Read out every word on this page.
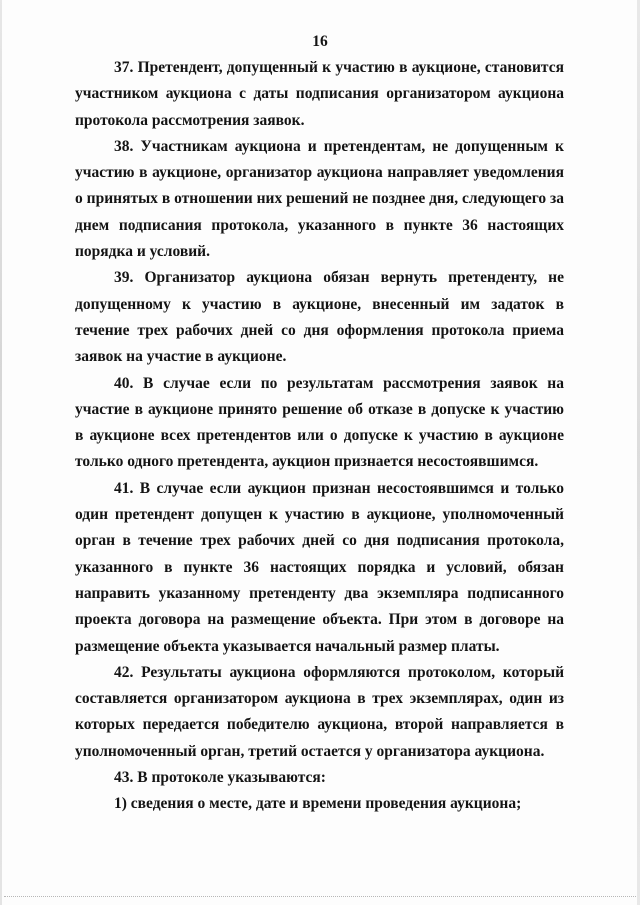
16

37. Претендент, допущенный к участию в аукционе, становится участником аукциона с даты подписания организатором аукциона протокола рассмотрения заявок.

38. Участникам аукциона и претендентам, не допущенным к участию в аукционе, организатор аукциона направляет уведомления о принятых в отношении них решений не позднее дня, следующего за днем подписания протокола, указанного в пункте 36 настоящих порядка и условий.

39. Организатор аукциона обязан вернуть претенденту, не допущенному к участию в аукционе, внесенный им задаток в течение трех рабочих дней со дня оформления протокола приема заявок на участие в аукционе.

40. В случае если по результатам рассмотрения заявок на участие в аукционе принято решение об отказе в допуске к участию в аукционе всех претендентов или о допуске к участию в аукционе только одного претендента, аукцион признается несостоявшимся.

41. В случае если аукцион признан несостоявшимся и только один претендент допущен к участию в аукционе, уполномоченный орган в течение трех рабочих дней со дня подписания протокола, указанного в пункте 36 настоящих порядка и условий, обязан направить указанному претенденту два экземпляра подписанного проекта договора на размещение объекта. При этом в договоре на размещение объекта указывается начальный размер платы.

42. Результаты аукциона оформляются протоколом, который составляется организатором аукциона в трех экземплярах, один из которых передается победителю аукциона, второй направляется в уполномоченный орган, третий остается у организатора аукциона.

43. В протоколе указываются:

1) сведения о месте, дате и времени проведения аукциона;
